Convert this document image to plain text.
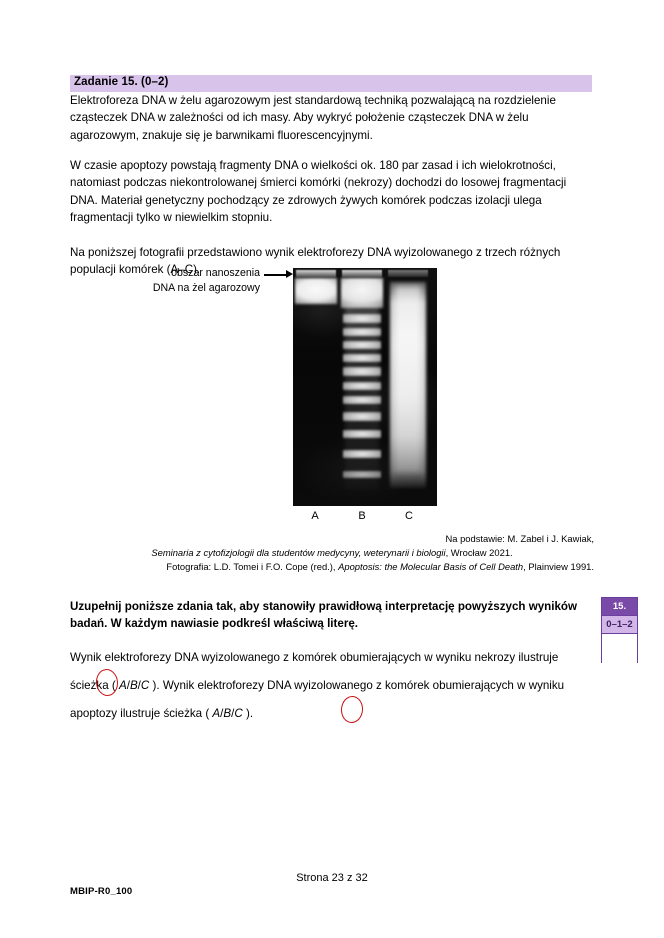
Zadanie 15. (0–2)
Elektroforeza DNA w żelu agarozowym jest standardową techniką pozwalającą na rozdzielenie cząsteczek DNA w zależności od ich masy. Aby wykryć położenie cząsteczek DNA w żelu agarozowym, znakuje się je barwnikami fluorescencyjnymi.
W czasie apoptozy powstają fragmenty DNA o wielkości ok. 180 par zasad i ich wielokrotności, natomiast podczas niekontrolowanej śmierci komórki (nekrozy) dochodzi do losowej fragmentacji DNA. Materiał genetyczny pochodzący ze zdrowych żywych komórek podczas izolacji ulega fragmentacji tylko w niewielkim stopniu.
Na poniższej fotografii przedstawiono wynik elektroforezy DNA wyizolowanego z trzech różnych populacji komórek (A–C).
obszar nanoszenia
DNA na żel agarozowy
A	B	C
Na podstawie: M. Zabel i J. Kawiak,
Seminaria z cytofizjologii dla studentów medycyny, weterynarii i biologii, Wrocław 2021.
Fotografia: L.D. Tomei i F.O. Cope (red.), Apoptosis: the Molecular Basis of Cell Death, Plainview 1991.
Uzupełnij poniższe zdania tak, aby stanowiły prawidłową interpretację powyższych wyników badań. W każdym nawiasie podkreśl właściwą literę.
Wynik elektroforezy DNA wyizolowanego z komórek obumierających w wyniku nekrozy ilustruje ścieżka ( A/B/C ). Wynik elektroforezy DNA wyizolowanego z komórek obumierających w wyniku apoptozy ilustruje ścieżka ( A/B/C ).
15.
0–1–2
Strona 23 z 32
MBIP-R0_100
